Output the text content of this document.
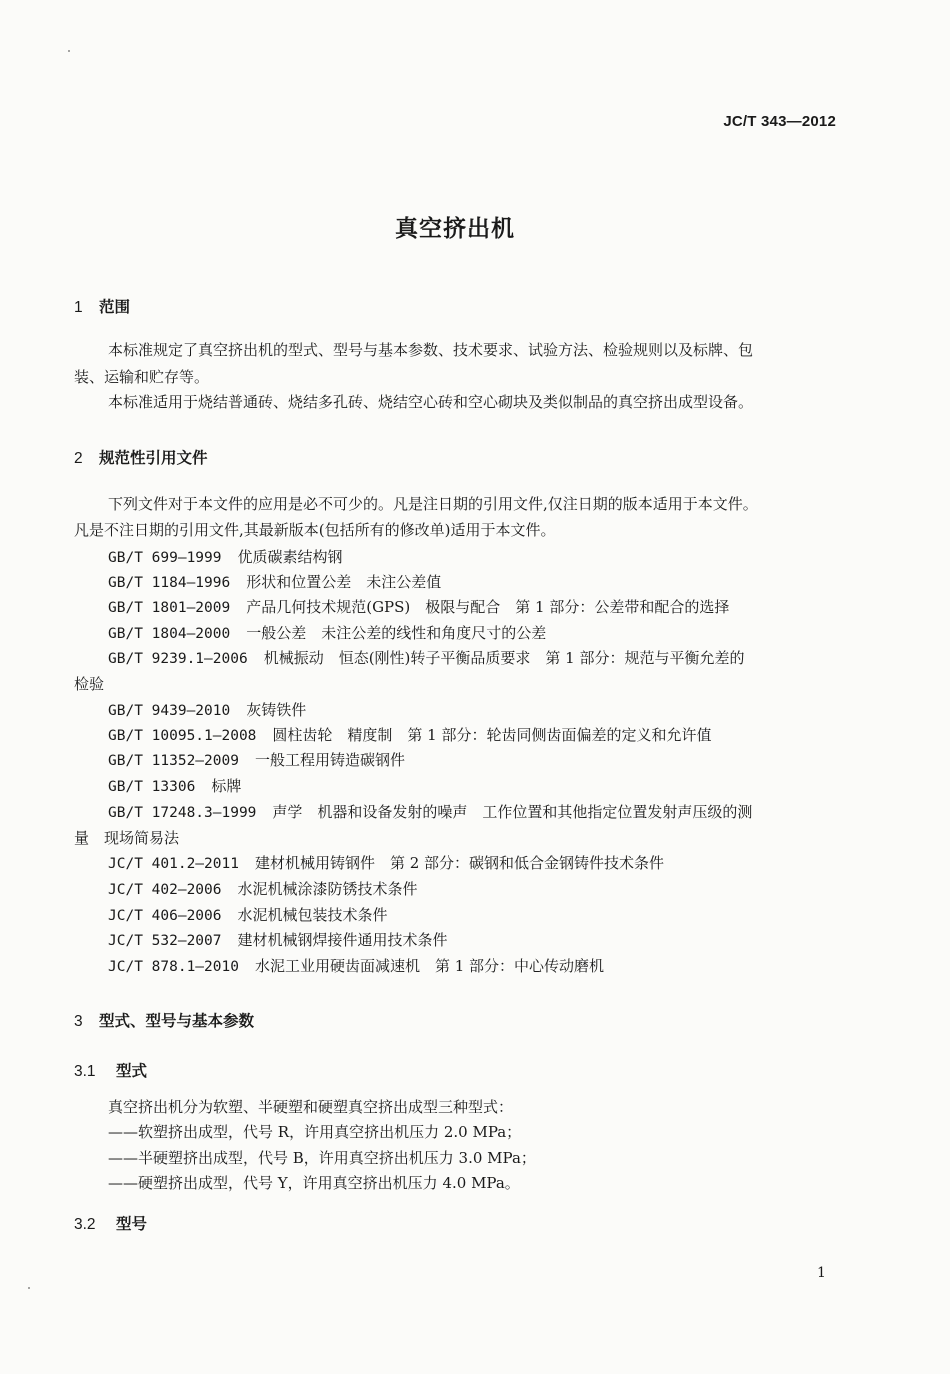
JC/T 343—2012
真空挤出机
1 范围
本标准规定了真空挤出机的型式、型号与基本参数、技术要求、试验方法、检验规则以及标牌、包
装、运输和贮存等。
本标准适用于烧结普通砖、烧结多孔砖、烧结空心砖和空心砌块及类似制品的真空挤出成型设备。
2 规范性引用文件
下列文件对于本文件的应用是必不可少的。凡是注日期的引用文件,仅注日期的版本适用于本文件。
凡是不注日期的引用文件,其最新版本(包括所有的修改单)适用于本文件。
GB/T 699—1999 优质碳素结构钢
GB/T 1184—1996 形状和位置公差　未注公差值
GB/T 1801—2009 产品几何技术规范(GPS)　极限与配合　第 1 部分：公差带和配合的选择
GB/T 1804—2000 一般公差　未注公差的线性和角度尺寸的公差
GB/T 9239.1—2006 机械振动　恒态(刚性)转子平衡品质要求　第 1 部分：规范与平衡允差的
检验
GB/T 9439—2010 灰铸铁件
GB/T 10095.1—2008 圆柱齿轮　精度制　第 1 部分：轮齿同侧齿面偏差的定义和允许值
GB/T 11352—2009 一般工程用铸造碳钢件
GB/T 13306 标牌
GB/T 17248.3—1999 声学　机器和设备发射的噪声　工作位置和其他指定位置发射声压级的测
量　现场简易法
JC/T 401.2—2011 建材机械用铸钢件　第 2 部分：碳钢和低合金钢铸件技术条件
JC/T 402—2006 水泥机械涂漆防锈技术条件
JC/T 406—2006 水泥机械包装技术条件
JC/T 532—2007 建材机械钢焊接件通用技术条件
JC/T 878.1—2010 水泥工业用硬齿面减速机　第 1 部分：中心传动磨机
3 型式、型号与基本参数
3.1 型式
真空挤出机分为软塑、半硬塑和硬塑真空挤出成型三种型式：
——软塑挤出成型，代号 R，许用真空挤出机压力 2.0 MPa；
——半硬塑挤出成型，代号 B，许用真空挤出机压力 3.0 MPa；
——硬塑挤出成型，代号 Y，许用真空挤出机压力 4.0 MPa。
3.2 型号
1
